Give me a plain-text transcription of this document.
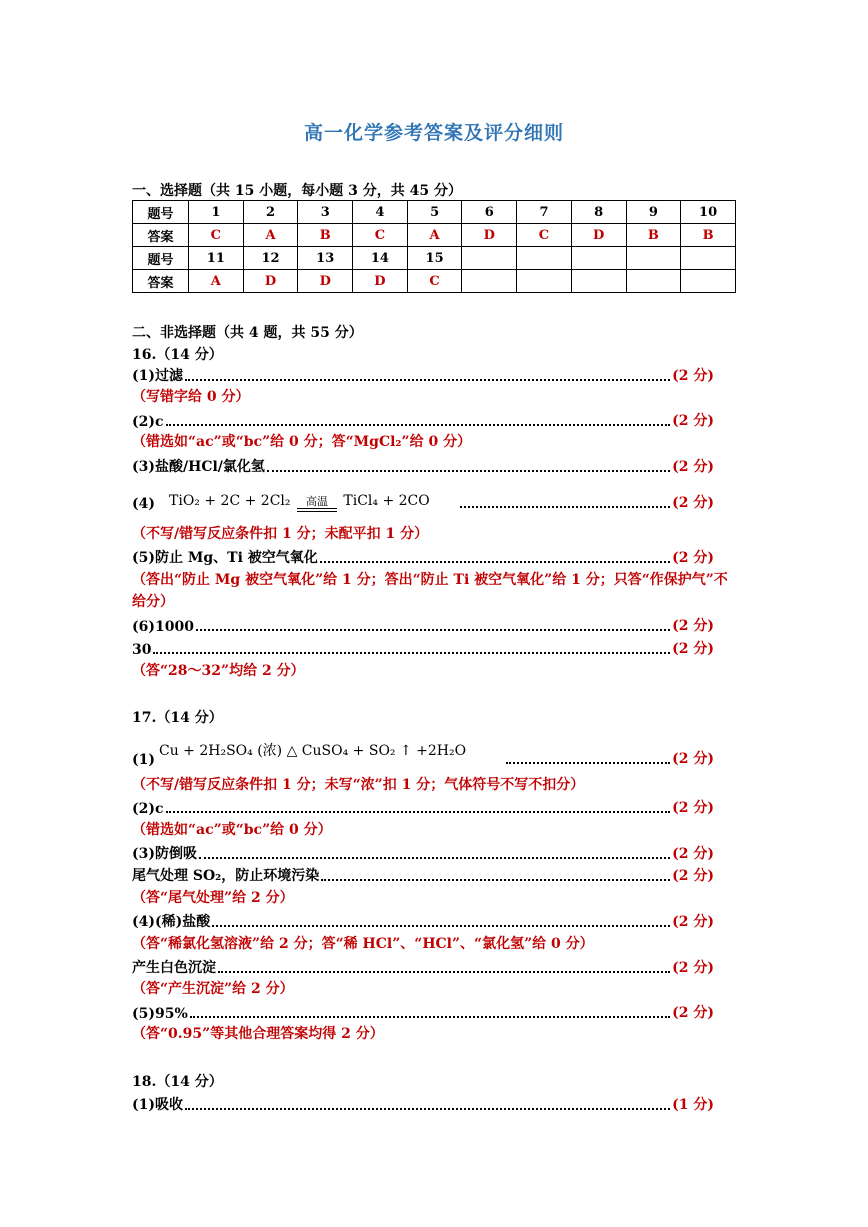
高一化学参考答案及评分细则
一、选择题（共 15 小题，每小题 3 分，共 45 分）
题号	1	2	3	4	5	6	7	8	9	10
答案	C	A	B	C	A	D	C	D	B	B
题号	11	12	13	14	15					
答案	A	D	D	D	C					
二、非选择题（共 4 题，共 55 分）
16.（14 分）
(1)过滤	(2 分)
（写错字给 0 分）
(2)c	(2 分)
（错选如“ac”或“bc”给 0 分；答“MgCl₂”给 0 分）
(3)盐酸/HCl/氯化氢	(2 分)
(4) TiO₂ + 2C + 2Cl₂	高温	TiCl₄ + 2CO	(2 分)
（不写/错写反应条件扣 1 分；未配平扣 1 分）
(5)防止 Mg、Ti 被空气氧化	(2 分)
（答出“防止 Mg 被空气氧化”给 1 分；答出“防止 Ti 被空气氧化”给 1 分；只答“作保护气”不给分）
(6)1000	(2 分)
30	(2 分)
（答“28～32”均给 2 分）
17.（14 分）
(1)
Cu + 2H₂SO₄ (浓) △ CuSO₄ + SO₂ ↑ +2H₂O	(2 分)
（不写/错写反应条件扣 1 分；未写“浓”扣 1 分；气体符号不写不扣分）
(2)c	(2 分)
（错选如“ac”或“bc”给 0 分）
(3)防倒吸	(2 分)
尾气处理 SO₂，防止环境污染	(2 分)
（答“尾气处理”给 2 分）
(4)(稀)盐酸	(2 分)
（答“稀氯化氢溶液”给 2 分；答“稀 HCl”、“HCl”、“氯化氢”给 0 分）
产生白色沉淀	(2 分)
（答“产生沉淀”给 2 分）
(5)95%	(2 分)
（答“0.95”等其他合理答案均得 2 分）
18.（14 分）
(1)吸收	(1 分)
